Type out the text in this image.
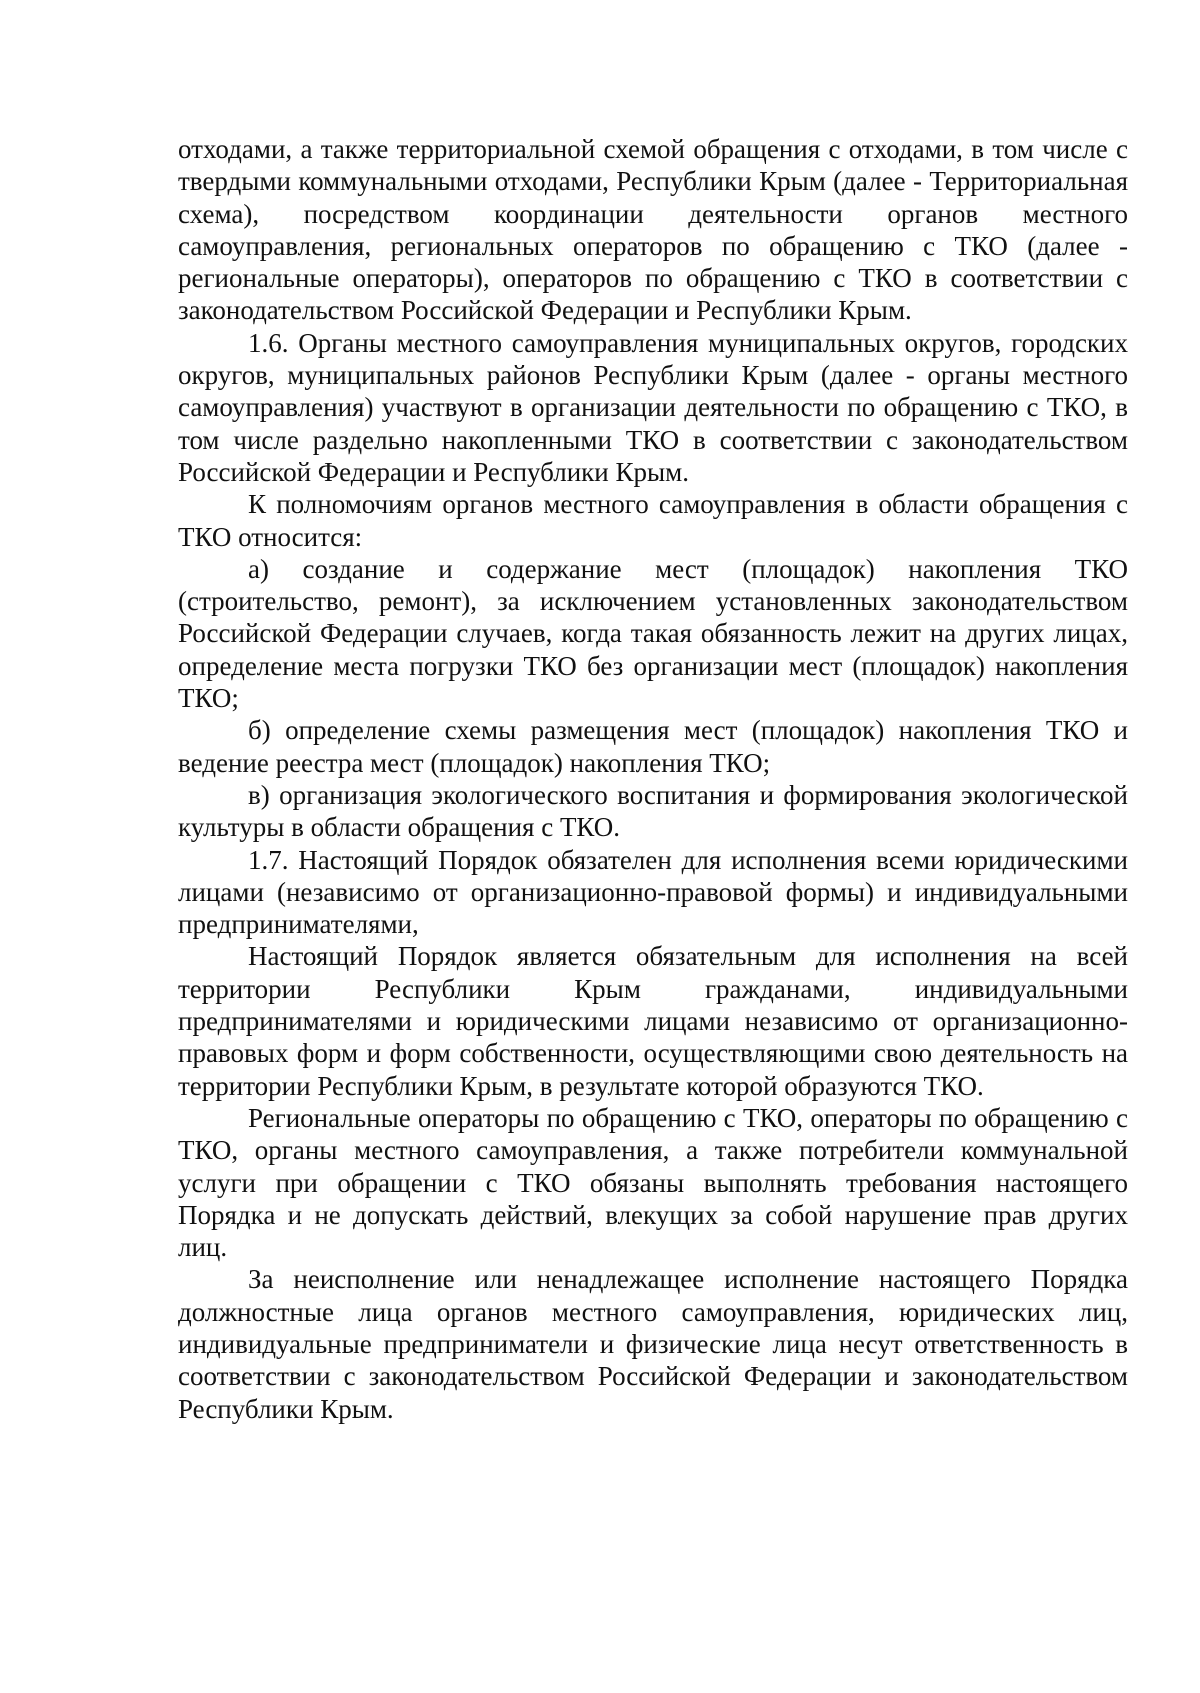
отходами, а также территориальной схемой обращения с отходами, в том числе с твердыми коммунальными отходами, Республики Крым (далее - Территориальная схема), посредством координации деятельности органов местного самоуправления, региональных операторов по обращению с ТКО (далее - региональные операторы), операторов по обращению с ТКО в соответствии с законодательством Российской Федерации и Республики Крым.

1.6. Органы местного самоуправления муниципальных округов, городских округов, муниципальных районов Республики Крым (далее - органы местного самоуправления) участвуют в организации деятельности по обращению с ТКО, в том числе раздельно накопленными ТКО в соответствии с законодательством Российской Федерации и Республики Крым.

К полномочиям органов местного самоуправления в области обращения с ТКО относится:

а) создание и содержание мест (площадок) накопления ТКО (строительство, ремонт), за исключением установленных законодательством Российской Федерации случаев, когда такая обязанность лежит на других лицах, определение места погрузки ТКО без организации мест (площадок) накопления ТКО;

б) определение схемы размещения мест (площадок) накопления ТКО и ведение реестра мест (площадок) накопления ТКО;

в) организация экологического воспитания и формирования экологической культуры в области обращения с ТКО.

1.7. Настоящий Порядок обязателен для исполнения всеми юридическими лицами (независимо от организационно-правовой формы) и индивидуальными предпринимателями,

Настоящий Порядок является обязательным для исполнения на всей территории Республики Крым гражданами, индивидуальными предпринимателями и юридическими лицами независимо от организационно-правовых форм и форм собственности, осуществляющими свою деятельность на территории Республики Крым, в результате которой образуются ТКО.

Региональные операторы по обращению с ТКО, операторы по обращению с ТКО, органы местного самоуправления, а также потребители коммунальной услуги при обращении с ТКО обязаны выполнять требования настоящего Порядка и не допускать действий, влекущих за собой нарушение прав других лиц.

За неисполнение или ненадлежащее исполнение настоящего Порядка должностные лица органов местного самоуправления, юридических лиц, индивидуальные предприниматели и физические лица несут ответственность в соответствии с законодательством Российской Федерации и законодательством Республики Крым.
